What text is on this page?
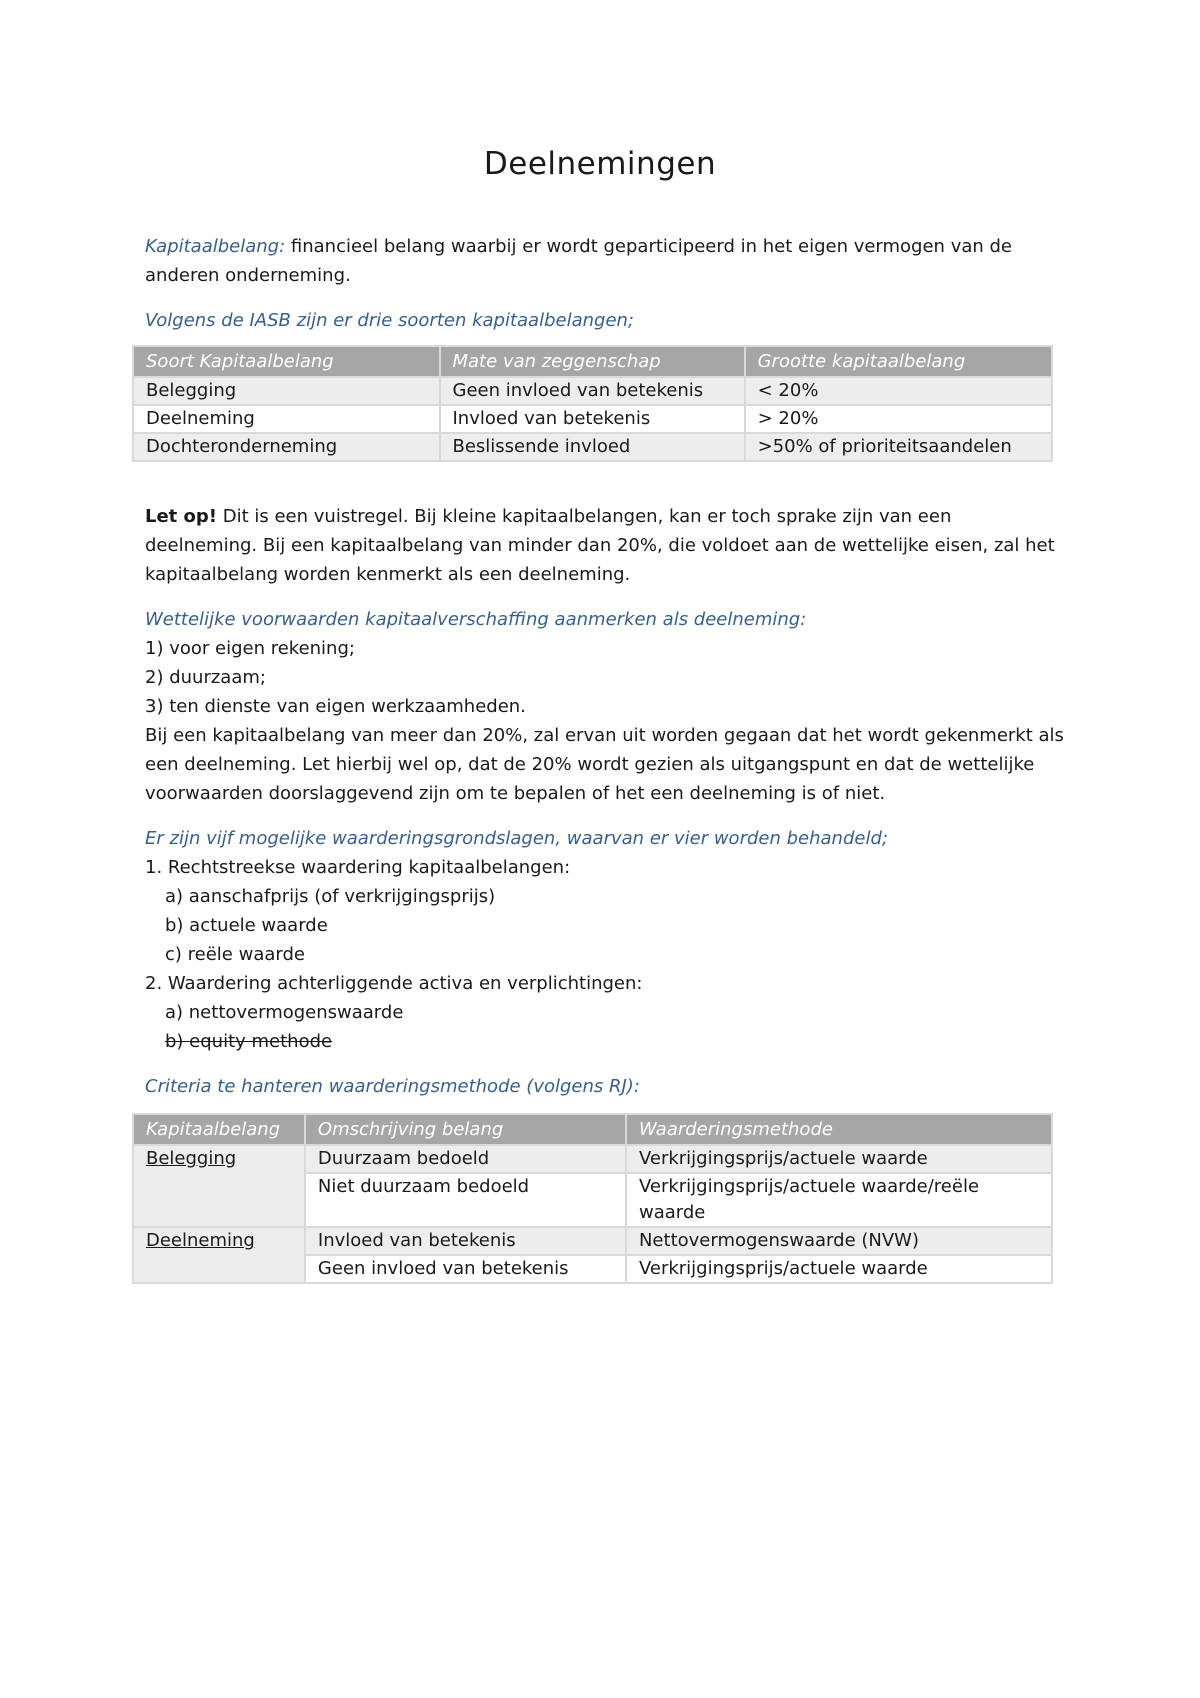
Deelnemingen

Kapitaalbelang: financieel belang waarbij er wordt geparticipeerd in het eigen vermogen van de anderen onderneming.

Volgens de IASB zijn er drie soorten kapitaalbelangen;

Soort Kapitaalbelang	Mate van zeggenschap	Grootte kapitaalbelang
Belegging	Geen invloed van betekenis	< 20%
Deelneming	Invloed van betekenis	> 20%
Dochteronderneming	Beslissende invloed	>50% of prioriteitsaandelen

Let op! Dit is een vuistregel. Bij kleine kapitaalbelangen, kan er toch sprake zijn van een deelneming. Bij een kapitaalbelang van minder dan 20%, die voldoet aan de wettelijke eisen, zal het kapitaalbelang worden kenmerkt als een deelneming.

Wettelijke voorwaarden kapitaalverschaffing aanmerken als deelneming:

1) voor eigen rekening;

2) duurzaam;

3) ten dienste van eigen werkzaamheden.

Bij een kapitaalbelang van meer dan 20%, zal ervan uit worden gegaan dat het wordt gekenmerkt als een deelneming. Let hierbij wel op, dat de 20% wordt gezien als uitgangspunt en dat de wettelijke voorwaarden doorslaggevend zijn om te bepalen of het een deelneming is of niet.

Er zijn vijf mogelijke waarderingsgrondslagen, waarvan er vier worden behandeld;

1. Rechtstreekse waardering kapitaalbelangen:

a) aanschafprijs (of verkrijgingsprijs)

b) actuele waarde

c) reële waarde

2. Waardering achterliggende activa en verplichtingen:

a) nettovermogenswaarde

b) equity methode

Criteria te hanteren waarderingsmethode (volgens RJ):

Kapitaalbelang	Omschrijving belang	Waarderingsmethode
Belegging	Duurzaam bedoeld	Verkrijgingsprijs/actuele waarde
	Niet duurzaam bedoeld	Verkrijgingsprijs/actuele waarde/reële waarde
Deelneming	Invloed van betekenis	Nettovermogenswaarde (NVW)
	Geen invloed van betekenis	Verkrijgingsprijs/actuele waarde
